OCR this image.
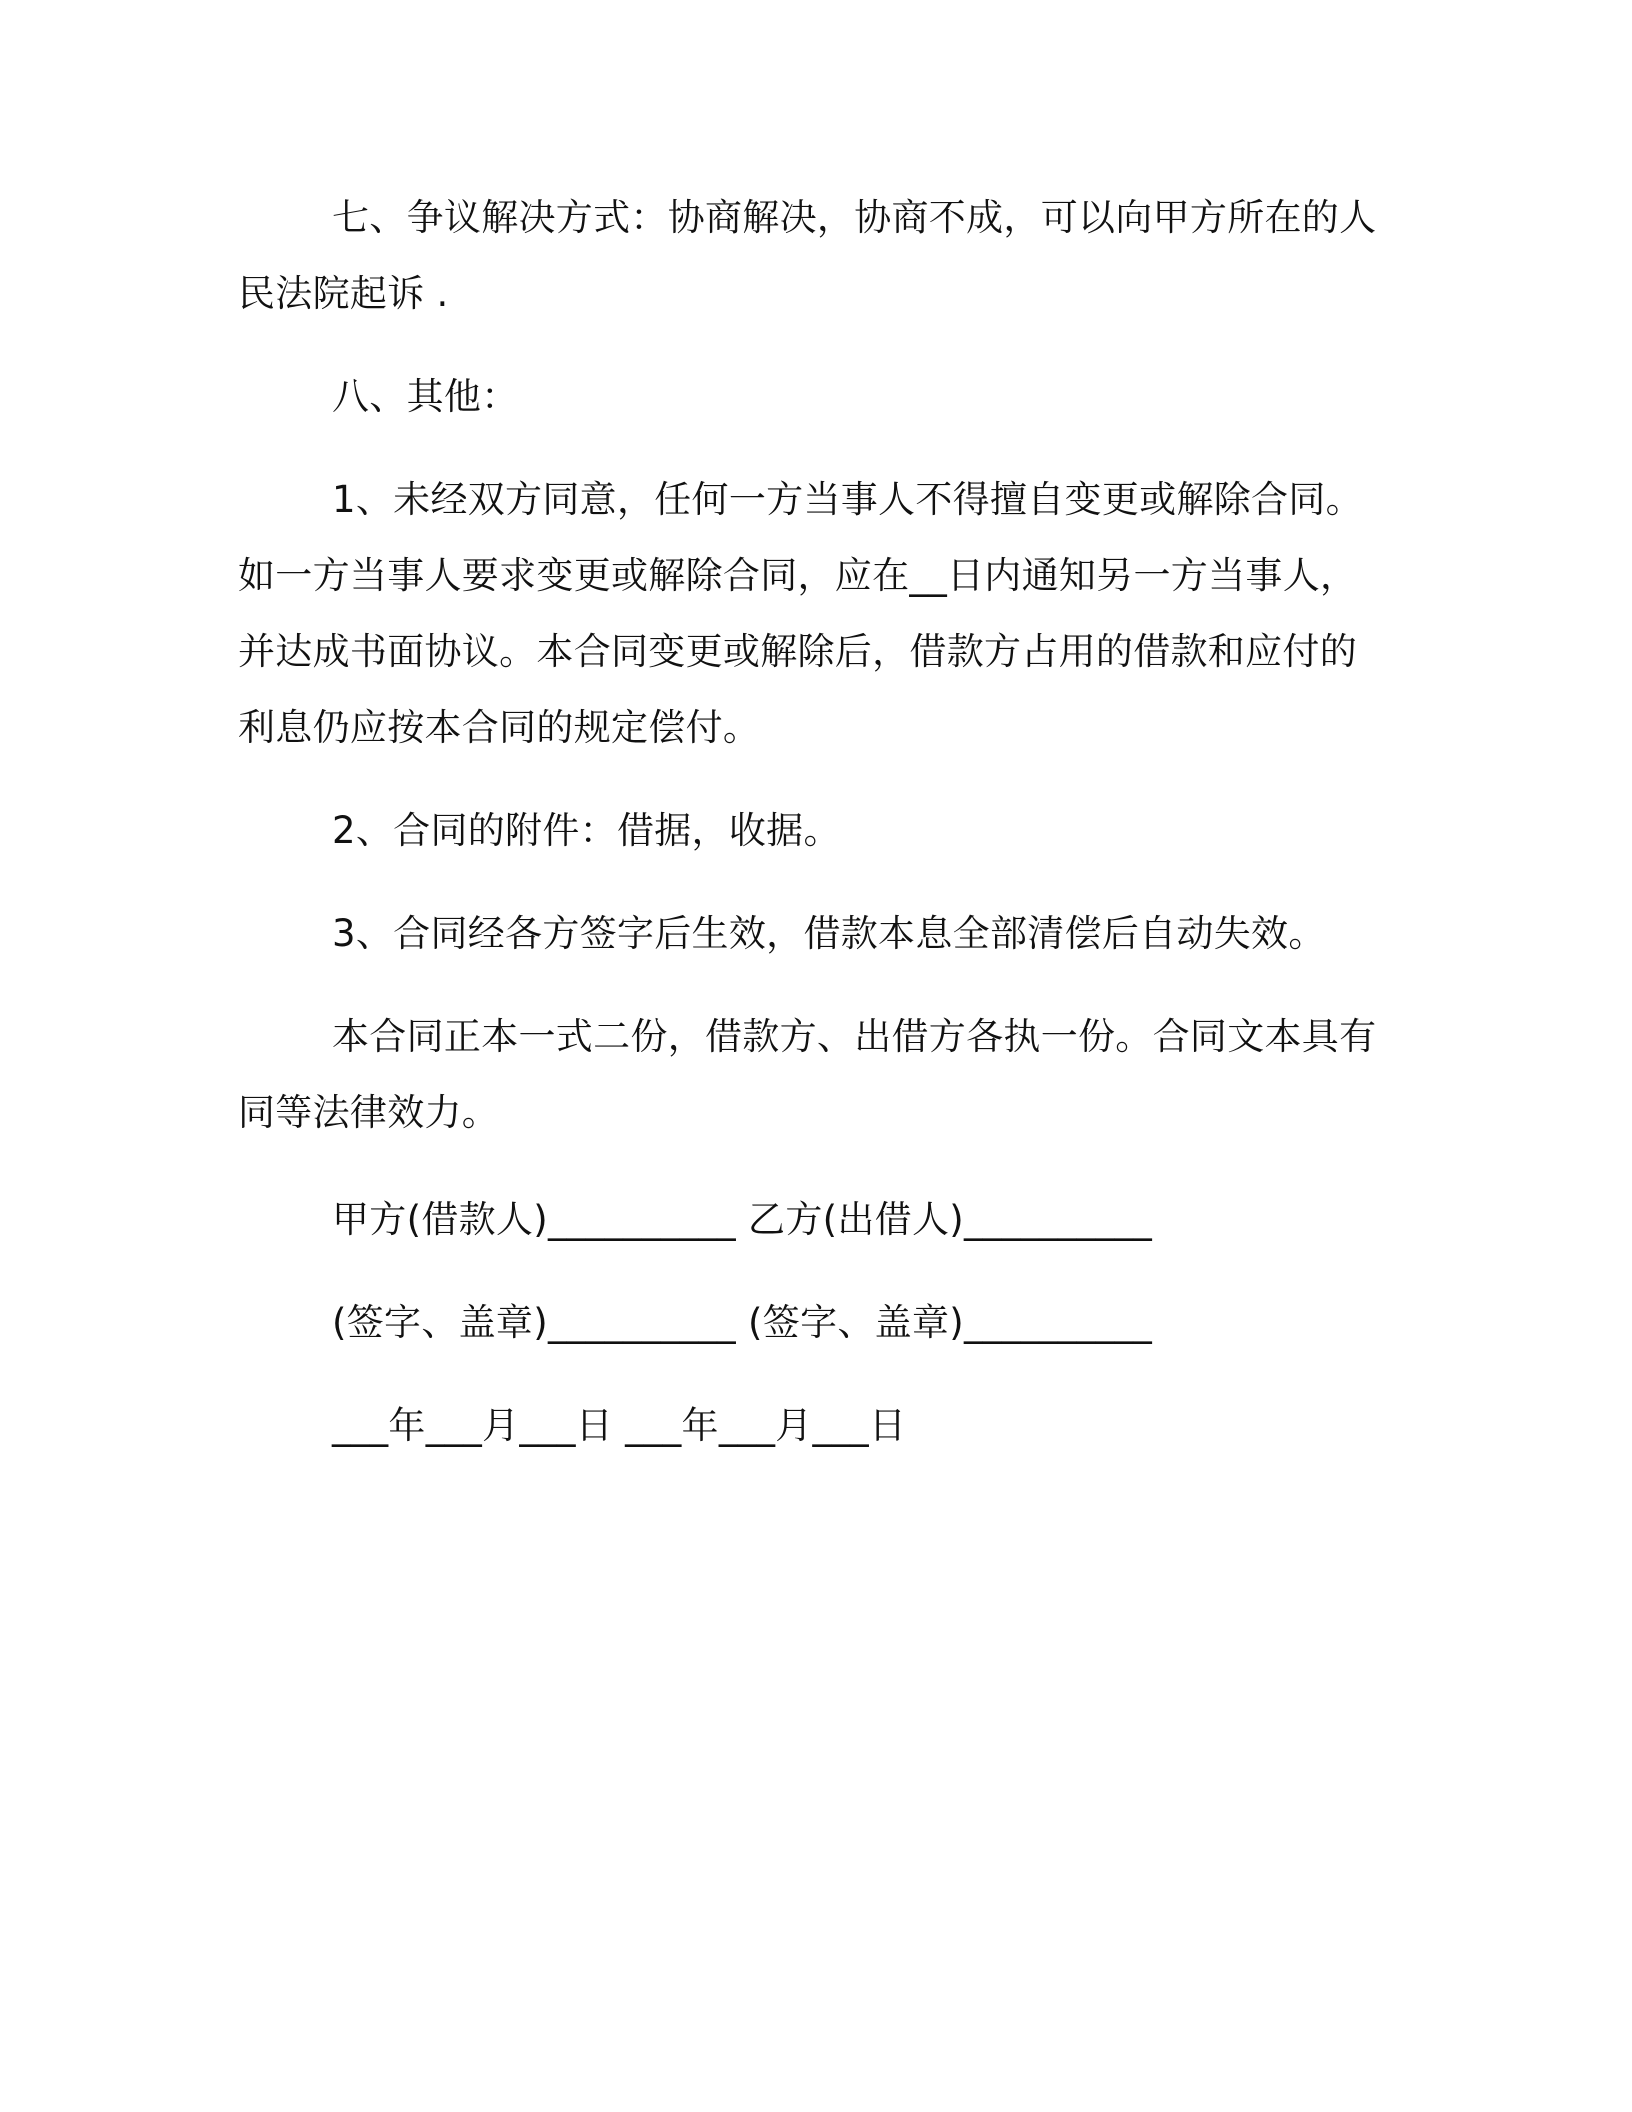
七、争议解决方式：协商解决，协商不成，可以向甲方所在的人
民法院起诉 .
八、其他：
1、未经双方同意，任何一方当事人不得擅自变更或解除合同。
如一方当事人要求变更或解除合同，应在__日内通知另一方当事人，
并达成书面协议。本合同变更或解除后，借款方占用的借款和应付的
利息仍应按本合同的规定偿付。
2、合同的附件：借据，收据。
3、合同经各方签字后生效，借款本息全部清偿后自动失效。
本合同正本一式二份，借款方、出借方各执一份。合同文本具有
同等法律效力。
甲方(借款人)__________ 乙方(出借人)__________
(签字、盖章)__________ (签字、盖章)__________
___年___月___日 ___年___月___日
